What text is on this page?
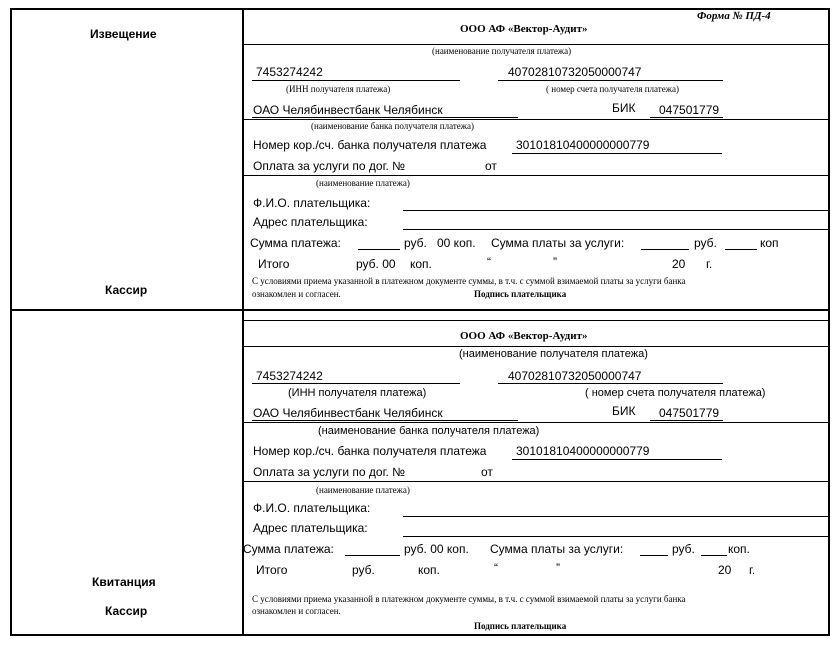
Извещение
Кассир
Квитанция
Кассир
Форма № ПД-4
ООО АФ «Вектор-Аудит»
(наименование получателя платежа)
7453274242	40702810732050000747
(ИНН получателя платежа)	( номер счета получателя платежа)
ОАО Челябинвестбанк Челябинск	БИК 047501779
(наименование банка получателя платежа)
Номер кор./сч. банка получателя платежа 30101810400000000779
Оплата за услуги по дог. №	от
(наименование платежа)
Ф.И.О. плательщика:
Адрес плательщика:
Сумма платежа:	руб. 00 коп. Сумма платы за услуги:	руб.	коп
Итого	руб. 00 коп.	“	”	20 г.
С условиями приема указанной в платежном документе суммы, в т.ч. с суммой взимаемой платы за услуги банка
ознакомлен и согласен.	Подпись плательщика
ООО АФ «Вектор-Аудит»
(наименование получателя платежа)
7453274242	40702810732050000747
(ИНН получателя платежа)	( номер счета получателя платежа)
ОАО Челябинвестбанк Челябинск	БИК 047501779
(наименование банка получателя платежа)
Номер кор./сч. банка получателя платежа 30101810400000000779
Оплата за услуги по дог. №	от
(наименование платежа)
Ф.И.О. плательщика:
Адрес плательщика:
Сумма платежа:	руб. 00 коп. Сумма платы за услуги:	руб.	коп.
Итого	руб.	коп.	“	”	20 г.
С условиями приема указанной в платежном документе суммы, в т.ч. с суммой взимаемой платы за услуги банка
ознакомлен и согласен.
Подпись плательщика
